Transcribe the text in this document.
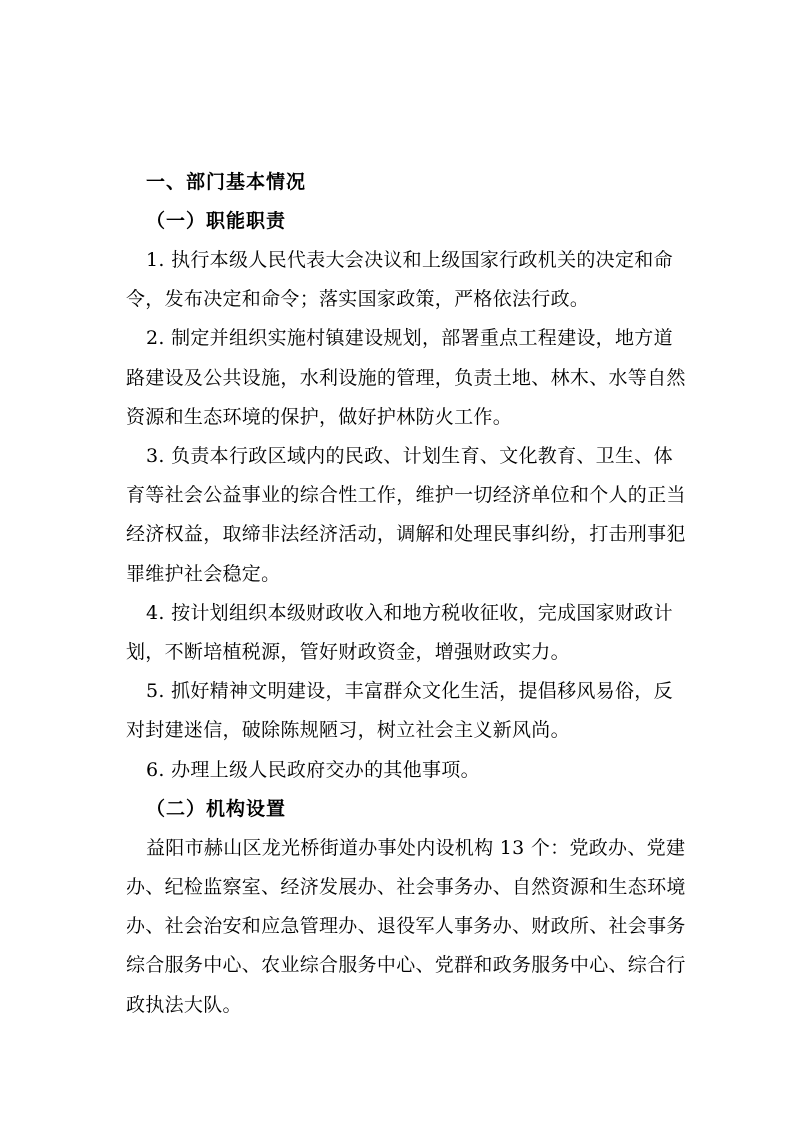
一、部门基本情况
（一）职能职责
1. 执行本级人民代表大会决议和上级国家行政机关的决定和命
令，发布决定和命令；落实国家政策，严格依法行政。
2. 制定并组织实施村镇建设规划，部署重点工程建设，地方道
路建设及公共设施，水利设施的管理，负责土地、林木、水等自然
资源和生态环境的保护，做好护林防火工作。
3. 负责本行政区域内的民政、计划生育、文化教育、卫生、体
育等社会公益事业的综合性工作，维护一切经济单位和个人的正当
经济权益，取缔非法经济活动，调解和处理民事纠纷，打击刑事犯
罪维护社会稳定。
4. 按计划组织本级财政收入和地方税收征收，完成国家财政计
划，不断培植税源，管好财政资金，增强财政实力。
5. 抓好精神文明建设，丰富群众文化生活，提倡移风易俗，反
对封建迷信，破除陈规陋习，树立社会主义新风尚。
6. 办理上级人民政府交办的其他事项。
（二）机构设置
益阳市赫山区龙光桥街道办事处内设机构 13 个：党政办、党建
办、纪检监察室、经济发展办、社会事务办、自然资源和生态环境
办、社会治安和应急管理办、退役军人事务办、财政所、社会事务
综合服务中心、农业综合服务中心、党群和政务服务中心、综合行
政执法大队。
